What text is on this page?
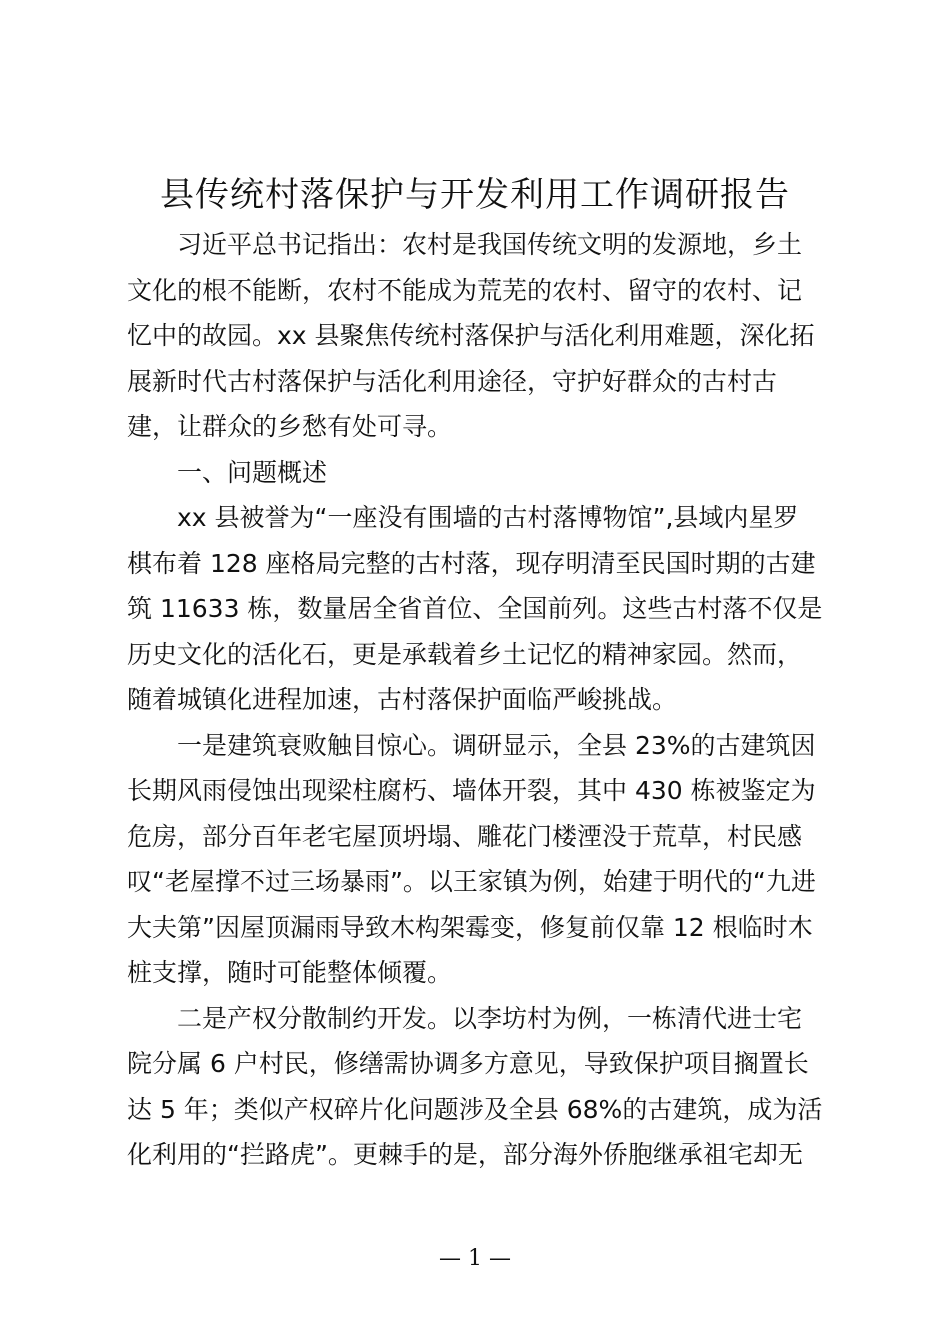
县传统村落保护与开发利用工作调研报告
习近平总书记指出：农村是我国传统文明的发源地，乡土
文化的根不能断，农村不能成为荒芜的农村、留守的农村、记
忆中的故园。xx 县聚焦传统村落保护与活化利用难题，深化拓
展新时代古村落保护与活化利用途径，守护好群众的古村古
建，让群众的乡愁有处可寻。
一、问题概述
xx 县被誉为“一座没有围墙的古村落博物馆”,县域内星罗
棋布着 128 座格局完整的古村落，现存明清至民国时期的古建
筑 11633 栋，数量居全省首位、全国前列。这些古村落不仅是
历史文化的活化石，更是承载着乡土记忆的精神家园。然而，
随着城镇化进程加速，古村落保护面临严峻挑战。
一是建筑衰败触目惊心。调研显示，全县 23%的古建筑因
长期风雨侵蚀出现梁柱腐朽、墙体开裂，其中 430 栋被鉴定为
危房，部分百年老宅屋顶坍塌、雕花门楼湮没于荒草，村民感
叹“老屋撑不过三场暴雨”。以王家镇为例，始建于明代的“九进
大夫第”因屋顶漏雨导致木构架霉变，修复前仅靠 12 根临时木
桩支撑，随时可能整体倾覆。
二是产权分散制约开发。以李坊村为例，一栋清代进士宅
院分属 6 户村民，修缮需协调多方意见，导致保护项目搁置长
达 5 年；类似产权碎片化问题涉及全县 68%的古建筑，成为活
化利用的“拦路虎”。更棘手的是，部分海外侨胞继承祖宅却无
— 1 —
